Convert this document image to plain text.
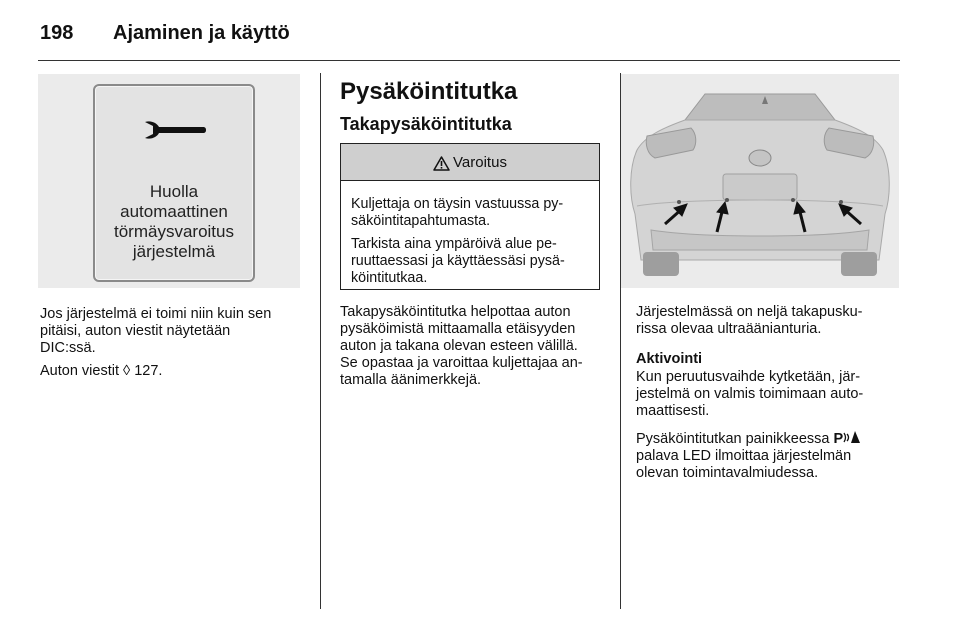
198	Ajaminen ja käyttö
Huolla
automaattinen
törmäysvaroitus
järjestelmä
Jos järjestelmä ei toimi niin kuin sen
pitäisi, auton viestit näytetään
DIC:ssä.
Auton viestit ◊ 127.
Pysäköintitutka
Takapysäköintitutka
Varoitus

Kuljettaja on täysin vastuussa py-
säköintitapahtumasta.

Tarkista aina ympäröivä alue pe-
ruuttaessasi ja käyttäessäsi pysä-
köintitutkaa.

Takapysäköintitutka helpottaa auton
pysäköimistä mittaamalla etäisyyden
auton ja takana olevan esteen välillä.
Se opastaa ja varoittaa kuljettajaa an-
tamalla äänimerkkejä.
Järjestelmässä on neljä takapusku-
rissa olevaa ultraäänianturia.
Aktivointi
Kun peruutusvaihde kytketään, jär-
jestelmä on valmis toimimaan auto-
maattisesti.
Pysäköintitutkan painikkeessa P
palava LED ilmoittaa järjestelmän
olevan toimintavalmiudessa.
